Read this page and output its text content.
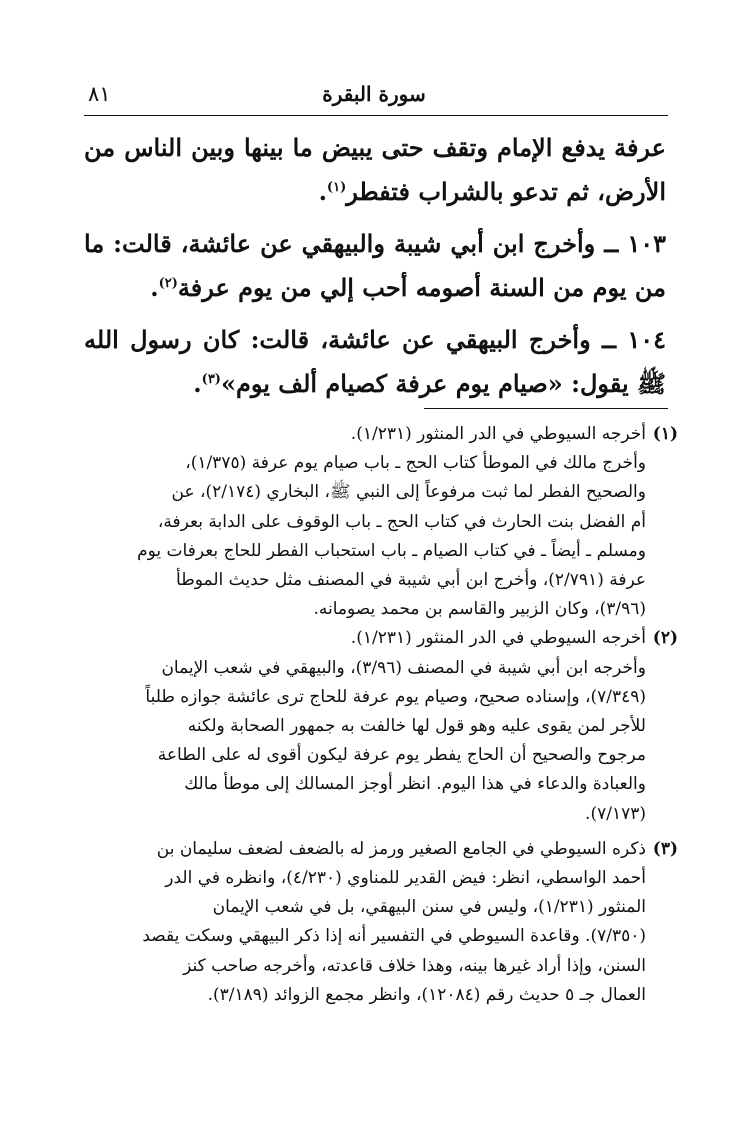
٨١	سورة البقرة

عرفة يدفع الإمام وتقف حتى يبيض ما بينها وبين الناس من الأرض، ثم تدعو بالشراب فتفطر$^{(١)}$.

١٠٣ ــ وأخرج ابن أبي شيبة والبيهقي عن عائشة، قالت: ما من يوم من السنة أصومه أحب إلي من يوم عرفة$^{(٢)}$.

١٠٤ ــ وأخرج البيهقي عن عائشة، قالت: كان رسول الله ﷺ يقول: «صيام يوم عرفة كصيام ألف يوم»$^{(٣)}$.

(١)

أخرجه السيوطي في الدر المنثور (١/٢٣١).

وأخرج مالك في الموطأ كتاب الحج ـ باب صيام يوم عرفة (١/٣٧٥)،

والصحيح الفطر لما ثبت مرفوعاً إلى النبي ﷺ، البخاري (٢/١٧٤)، عن

أم الفضل بنت الحارث في كتاب الحج ـ باب الوقوف على الدابة بعرفة،

ومسلم ـ أيضاً ـ في كتاب الصيام ـ باب استحباب الفطر للحاج بعرفات يوم

عرفة (٢/٧٩١)، وأخرج ابن أبي شيبة في المصنف مثل حديث الموطأ

(٣/٩٦)، وكان الزبير والقاسم بن محمد يصومانه.

(٢)

أخرجه السيوطي في الدر المنثور (١/٢٣١).

وأخرجه ابن أبي شيبة في المصنف (٣/٩٦)، والبيهقي في شعب الإيمان

(٧/٣٤٩)، وإسناده صحيح، وصيام يوم عرفة للحاج ترى عائشة جوازه طلباً

للأجر لمن يقوى عليه وهو قول لها خالفت به جمهور الصحابة ولكنه

مرجوح والصحيح أن الحاج يفطر يوم عرفة ليكون أقوى له على الطاعة

والعبادة والدعاء في هذا اليوم. انظر أوجز المسالك إلى موطأ مالك

(٧/١٧٣).

(٣)

ذكره السيوطي في الجامع الصغير ورمز له بالضعف لضعف سليمان بن

أحمد الواسطي، انظر: فيض القدير للمناوي (٤/٢٣٠)، وانظره في الدر

المنثور (١/٢٣١)، وليس في سنن البيهقي، بل في شعب الإيمان

(٧/٣٥٠). وقاعدة السيوطي في التفسير أنه إذا ذكر البيهقي وسكت يقصد

السنن، وإذا أراد غيرها بينه، وهذا خلاف قاعدته، وأخرجه صاحب كنز

العمال جـ ٥ حديث رقم (١٢٠٨٤)، وانظر مجمع الزوائد (٣/١٨٩).
